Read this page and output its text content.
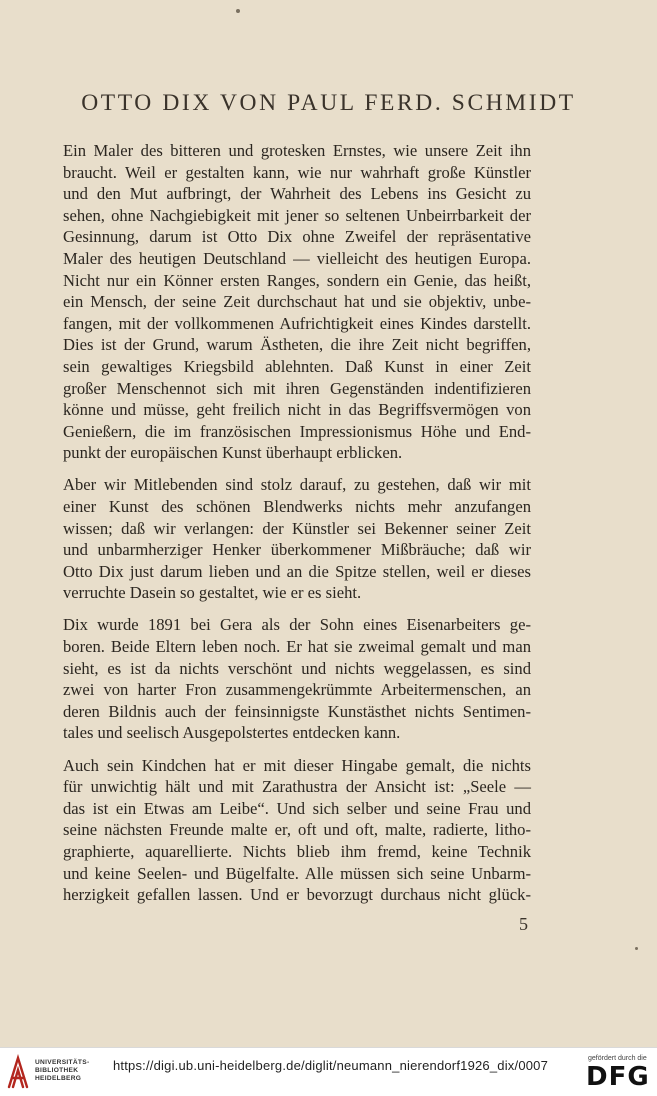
OTTO DIX VON PAUL FERD. SCHMIDT

Ein Maler des bitteren und grotesken Ernstes, wie unsere Zeit ihn
braucht. Weil er gestalten kann, wie nur wahrhaft große Künstler
und den Mut aufbringt, der Wahrheit des Lebens ins Gesicht zu
sehen, ohne Nachgiebigkeit mit jener so seltenen Unbeirrbarkeit der
Gesinnung, darum ist Otto Dix ohne Zweifel der repräsentative
Maler des heutigen Deutschland — vielleicht des heutigen Europa.
Nicht nur ein Könner ersten Ranges, sondern ein Genie, das heißt,
ein Mensch, der seine Zeit durchschaut hat und sie objektiv, unbe-
fangen, mit der vollkommenen Aufrichtigkeit eines Kindes darstellt.
Dies ist der Grund, warum Ästheten, die ihre Zeit nicht begriffen,
sein gewaltiges Kriegsbild ablehnten. Daß Kunst in einer Zeit
großer Menschennot sich mit ihren Gegenständen indentifizieren
könne und müsse, geht freilich nicht in das Begriffsvermögen von
Genießern, die im französischen Impressionismus Höhe und End-
punkt der europäischen Kunst überhaupt erblicken.

Aber wir Mitlebenden sind stolz darauf, zu gestehen, daß wir mit
einer Kunst des schönen Blendwerks nichts mehr anzufangen
wissen; daß wir verlangen: der Künstler sei Bekenner seiner Zeit
und unbarmherziger Henker überkommener Mißbräuche; daß wir
Otto Dix just darum lieben und an die Spitze stellen, weil er dieses
verruchte Dasein so gestaltet, wie er es sieht.

Dix wurde 1891 bei Gera als der Sohn eines Eisenarbeiters ge-
boren. Beide Eltern leben noch. Er hat sie zweimal gemalt und man
sieht, es ist da nichts verschönt und nichts weggelassen, es sind
zwei von harter Fron zusammengekrümmte Arbeitermenschen, an
deren Bildnis auch der feinsinnigste Kunstästhet nichts Sentimen-
tales und seelisch Ausgepolstertes entdecken kann.

Auch sein Kindchen hat er mit dieser Hingabe gemalt, die nichts
für unwichtig hält und mit Zarathustra der Ansicht ist: „Seele —
das ist ein Etwas am Leibe“. Und sich selber und seine Frau und
seine nächsten Freunde malte er, oft und oft, malte, radierte, litho-
graphierte, aquarellierte. Nichts blieb ihm fremd, keine Technik
und keine Seelen- und Bügelfalte. Alle müssen sich seine Unbarm-
herzigkeit gefallen lassen. Und er bevorzugt durchaus nicht glück-

5
UNIVERSITÄTS-
BIBLIOTHEK
HEIDELBERG
https://digi.ub.uni-heidelberg.de/diglit/neumann_nierendorf1926_dix/0007	gefördert durch die
DFG
